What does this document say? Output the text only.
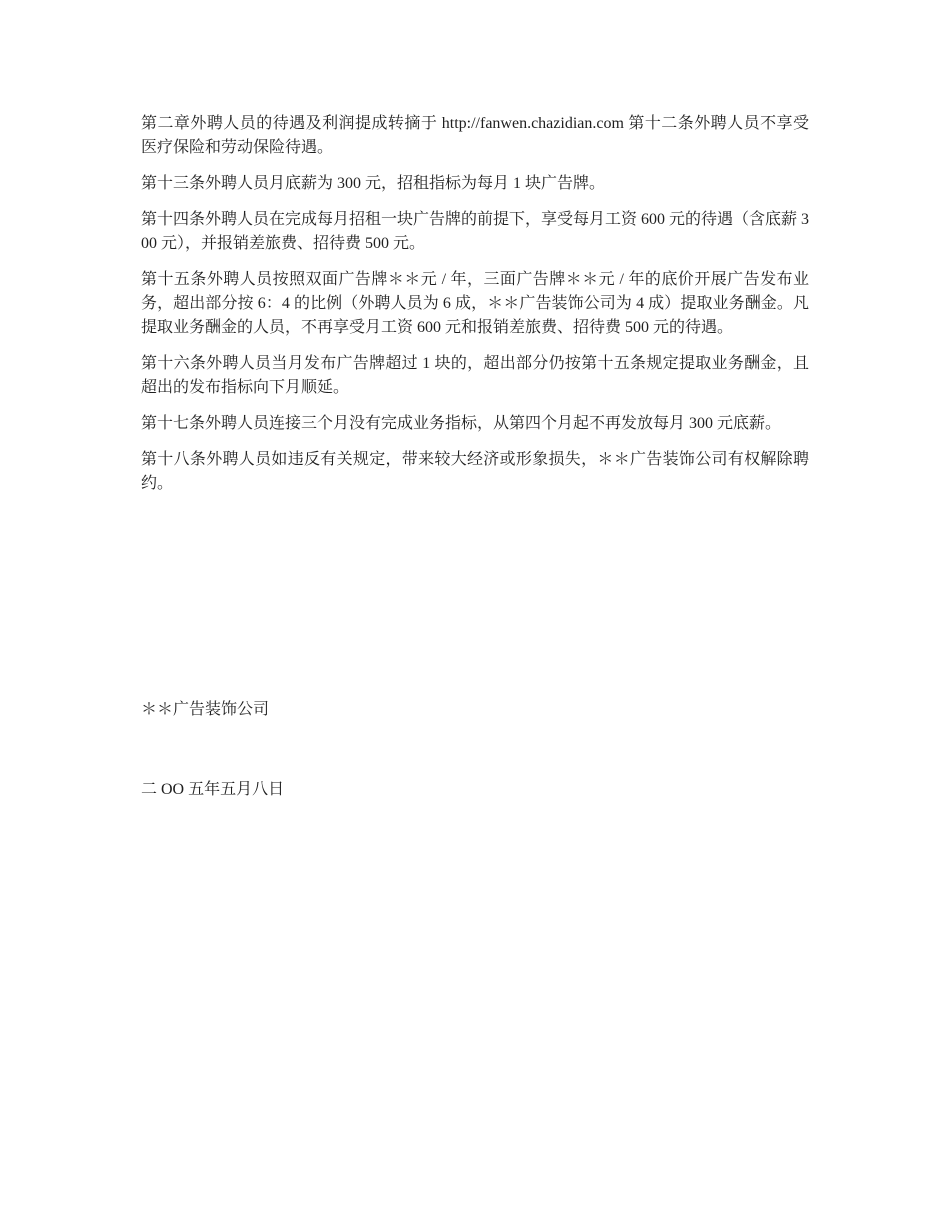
第二章外聘人员的待遇及利润提成转摘于 http://fanwen.chazidian.com 第十二条外聘人员不享受医疗保险和劳动保险待遇。

第十三条外聘人员月底薪为 300 元，招租指标为每月 1 块广告牌。

第十四条外聘人员在完成每月招租一块广告牌的前提下，享受每月工资 600 元的待遇（含底薪 300 元），并报销差旅费、招待费 500 元。

第十五条外聘人员按照双面广告牌＊＊元 / 年，三面广告牌＊＊元 / 年的底价开展广告发布业务，超出部分按 6：4 的比例（外聘人员为 6 成，＊＊广告装饰公司为 4 成）提取业务酬金。凡提取业务酬金的人员，不再享受月工资 600 元和报销差旅费、招待费 500 元的待遇。

第十六条外聘人员当月发布广告牌超过 1 块的，超出部分仍按第十五条规定提取业务酬金，且超出的发布指标向下月顺延。

第十七条外聘人员连接三个月没有完成业务指标，从第四个月起不再发放每月 300 元底薪。

第十八条外聘人员如违反有关规定，带来较大经济或形象损失，＊＊广告装饰公司有权解除聘约。

＊＊广告装饰公司

二 OO 五年五月八日
